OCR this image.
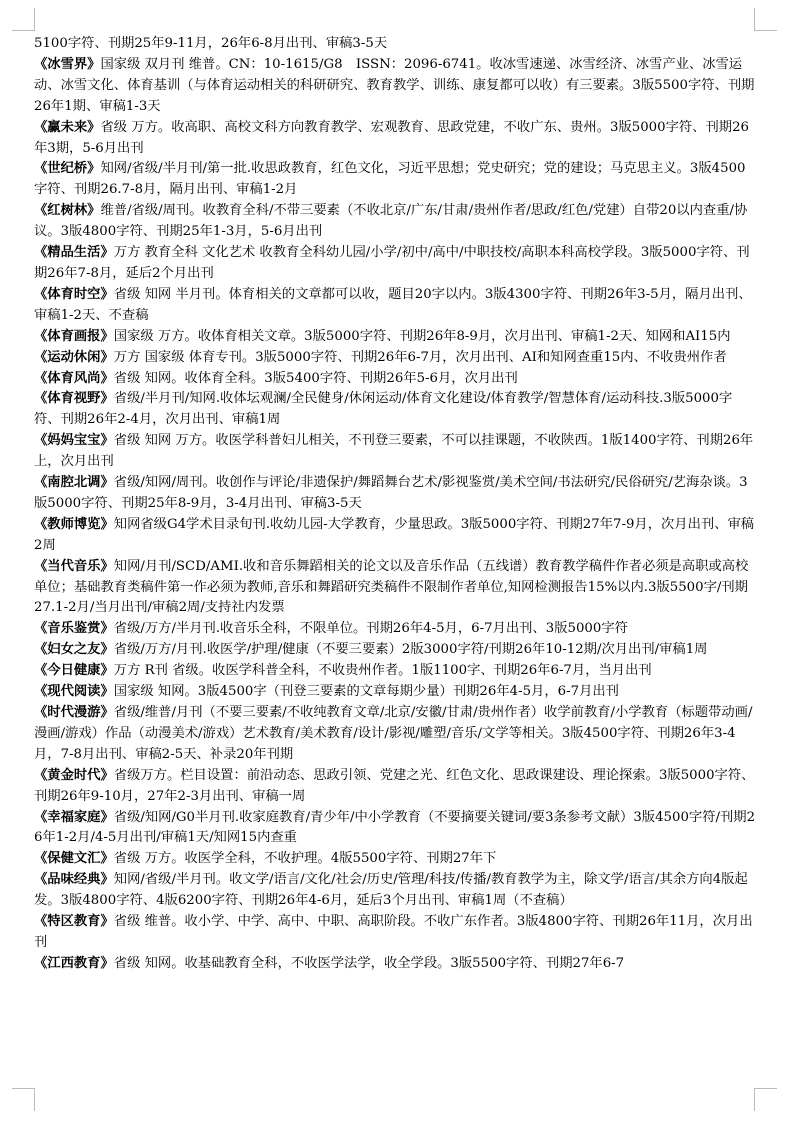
5100字符、刊期25年9-11月，26年6-8月出刊、审稿3-5天

《冰雪界》国家级 双月刊 维普。CN：10-1615/G8　ISSN：2096-6741。收冰雪速递、冰雪经济、冰雪产业、冰雪运动、冰雪文化、体育基训（与体育运动相关的科研研究、教育教学、训练、康复都可以收）有三要素。3版5500字符、刊期26年1期、审稿1-3天

《赢未来》省级 万方。收高职、高校文科方向教育教学、宏观教育、思政党建，不收广东、贵州。3版5000字符、刊期26年3期，5-6月出刊

《世纪桥》知网/省级/半月刊/第一批.收思政教育，红色文化，习近平思想；党史研究；党的建设；马克思主义。3版4500字符、刊期26.7-8月，隔月出刊、审稿1-2月

《红树林》维普/省级/周刊。收教育全科/不带三要素（不收北京/广东/甘肃/贵州作者/思政/红色/党建）自带20以内查重/协议。3版4800字符、刊期25年1-3月，5-6月出刊

《精品生活》万方 教育全科 文化艺术 收教育全科幼儿园/小学/初中/高中/中职技校/高职本科高校学段。3版5000字符、刊期26年7-8月，延后2个月出刊

《体育时空》省级 知网 半月刊。体育相关的文章都可以收，题目20字以内。3版4300字符、刊期26年3-5月，隔月出刊、审稿1-2天、不查稿

《体育画报》国家级 万方。收体育相关文章。3版5000字符、刊期26年8-9月，次月出刊、审稿1-2天、知网和AI15内

《运动休闲》万方 国家级 体育专刊。3版5000字符、刊期26年6-7月，次月出刊、AI和知网查重15内、不收贵州作者

《体育风尚》省级 知网。收体育全科。3版5400字符、刊期26年5-6月，次月出刊

《体育视野》省级/半月刊/知网.收体坛观澜/全民健身/休闲运动/体育文化建设/体育教学/智慧体育/运动科技.3版5000字符、刊期26年2-4月，次月出刊、审稿1周

《妈妈宝宝》省级 知网 万方。收医学科普妇儿相关，不刊登三要素，不可以挂课题，不收陕西。1版1400字符、刊期26年上，次月出刊

《南腔北调》省级/知网/周刊。收创作与评论/非遗保护/舞蹈舞台艺术/影视鉴赏/美术空间/书法研究/民俗研究/艺海杂谈。3版5000字符、刊期25年8-9月，3-4月出刊、审稿3-5天

《教师博览》知网省级G4学术目录旬刊.收幼儿园-大学教育，少量思政。3版5000字符、刊期27年7-9月，次月出刊、审稿2周

《当代音乐》知网/月刊/SCD/AMI.收和音乐舞蹈相关的论文以及音乐作品（五线谱）教育教学稿件作者必须是高职或高校单位；基础教育类稿件第一作必须为教师,音乐和舞蹈研究类稿件不限制作者单位,知网检测报告15%以内.3版5500字/刊期27.1-2月/当月出刊/审稿2周/支持社内发票

《音乐鉴赏》省级/万方/半月刊.收音乐全科，不限单位。刊期26年4-5月，6-7月出刊、3版5000字符

《妇女之友》省级/万方/月刊.收医学/护理/健康（不要三要素）2版3000字符/刊期26年10-12期/次月出刊/审稿1周

《今日健康》万方 R刊 省级。收医学科普全科，不收贵州作者。1版1100字、刊期26年6-7月，当月出刊

《现代阅读》国家级 知网。3版4500字（刊登三要素的文章每期少量）刊期26年4-5月，6-7月出刊

《时代漫游》省级/维普/月刊（不要三要素/不收纯教育文章/北京/安徽/甘肃/贵州作者）收学前教育/小学教育（标题带动画/漫画/游戏）作品（动漫美术/游戏）艺术教育/美术教育/设计/影视/雕塑/音乐/文学等相关。3版4500字符、刊期26年3-4月，7-8月出刊、审稿2-5天、补录20年刊期

《黄金时代》省级万方。栏目设置：前沿动态、思政引领、党建之光、红色文化、思政课建设、理论探索。3版5000字符、刊期26年9-10月，27年2-3月出刊、审稿一周

《幸福家庭》省级/知网/G0半月刊.收家庭教育/青少年/中小学教育（不要摘要关键词/要3条参考文献）3版4500字符/刊期26年1-2月/4-5月出刊/审稿1天/知网15内查重

《保健文汇》省级 万方。收医学全科，不收护理。4版5500字符、刊期27年下

《品味经典》知网/省级/半月刊。收文学/语言/文化/社会/历史/管理/科技/传播/教育教学为主，除文学/语言/其余方向4版起发。3版4800字符、4版6200字符、刊期26年4-6月，延后3个月出刊、审稿1周（不查稿）

《特区教育》省级 维普。收小学、中学、高中、中职、高职阶段。不收广东作者。3版4800字符、刊期26年11月，次月出刊

《江西教育》省级 知网。收基础教育全科，不收医学法学，收全学段。3版5500字符、刊期27年6-7
